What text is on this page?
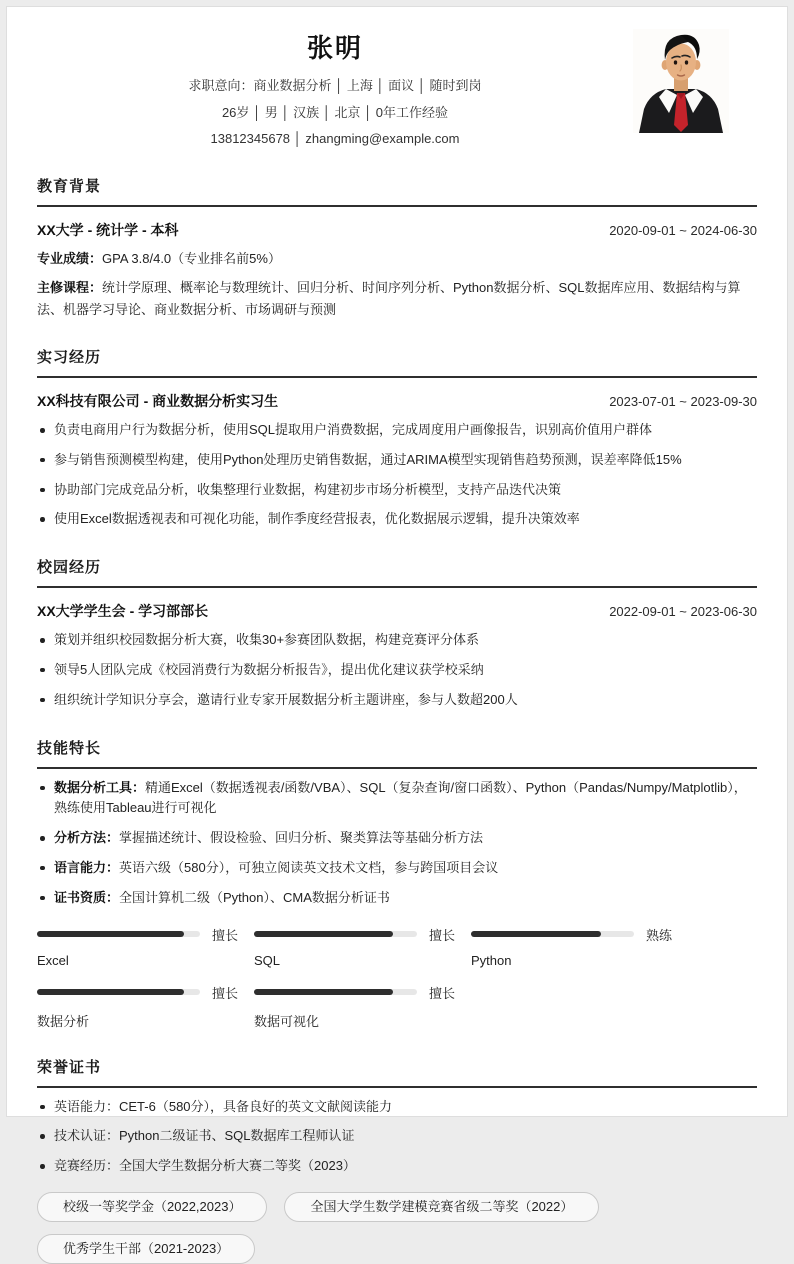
张明
求职意向：商业数据分析 │ 上海 │ 面议 │ 随时到岗
26岁 │ 男 │ 汉族 │ 北京 │ 0年工作经验
13812345678 │ zhangming@example.com
教育背景
XX大学 - 统计学 - 本科	2020-09-01 ~ 2024-06-30
专业成绩：GPA 3.8/4.0（专业排名前5%）
主修课程：统计学原理、概率论与数理统计、回归分析、时间序列分析、Python数据分析、SQL数据库应用、数据结构与算法、机器学习导论、商业数据分析、市场调研与预测
实习经历
XX科技有限公司 - 商业数据分析实习生	2023-07-01 ~ 2023-09-30
负责电商用户行为数据分析，使用SQL提取用户消费数据，完成周度用户画像报告，识别高价值用户群体
参与销售预测模型构建，使用Python处理历史销售数据，通过ARIMA模型实现销售趋势预测，误差率降低15%
协助部门完成竞品分析，收集整理行业数据，构建初步市场分析模型，支持产品迭代决策
使用Excel数据透视表和可视化功能，制作季度经营报表，优化数据展示逻辑，提升决策效率
校园经历
XX大学学生会 - 学习部部长	2022-09-01 ~ 2023-06-30
策划并组织校园数据分析大赛，收集30+参赛团队数据，构建竞赛评分体系
领导5人团队完成《校园消费行为数据分析报告》，提出优化建议获学校采纳
组织统计学知识分享会，邀请行业专家开展数据分析主题讲座，参与人数超200人
技能特长
数据分析工具：精通Excel（数据透视表/函数/VBA）、SQL（复杂查询/窗口函数）、Python（Pandas/Numpy/Matplotlib），熟练使用Tableau进行可视化
分析方法：掌握描述统计、假设检验、回归分析、聚类算法等基础分析方法
语言能力：英语六级（580分），可独立阅读英文技术文档，参与跨国项目会议
证书资质：全国计算机二级（Python）、CMA数据分析证书
擅长
Excel
擅长
SQL
熟练
Python
擅长
数据分析
擅长
数据可视化
荣誉证书
英语能力：CET-6（580分），具备良好的英文文献阅读能力
技术认证：Python二级证书、SQL数据库工程师认证
竞赛经历：全国大学生数据分析大赛二等奖（2023）
校级一等奖学金（2022,2023）	全国大学生数学建模竞赛省级二等奖（2022）
优秀学生干部（2021-2023）
